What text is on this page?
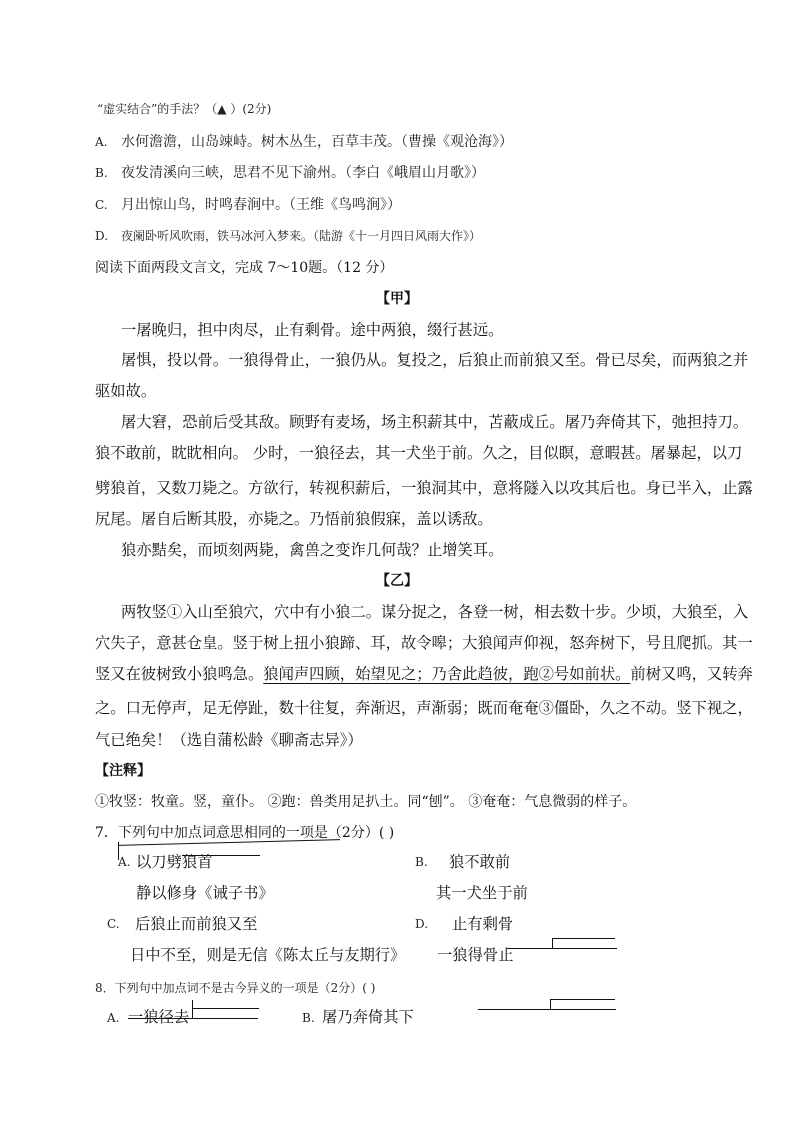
“虚实结合”的手法？（▲ ）(2分)
A. 水何澹澹，山岛竦峙。树木丛生，百草丰茂。（曹操《观沧海》）
B. 夜发清溪向三峡，思君不见下渝州。（李白《峨眉山月歌》）
C. 月出惊山鸟，时鸣春涧中。（王维《鸟鸣涧》）
D. 夜阑卧听风吹雨，铁马冰河入梦来。（陆游《十一月四日风雨大作》）
阅读下面两段文言文，完成 7～10题。（12 分）
【甲】
一屠晚归，担中肉尽，止有剩骨。途中两狼，缀行甚远。
屠惧，投以骨。一狼得骨止，一狼仍从。复投之，后狼止而前狼又至。骨已尽矣，而两狼之并
驱如故。
屠大窘，恐前后受其敌。顾野有麦场，场主积薪其中，苫蔽成丘。屠乃奔倚其下，弛担持刀。
狼不敢前，眈眈相向。 少时，一狼径去，其一犬坐于前。久之，目似瞑，意暇甚。屠暴起，以刀
劈狼首，又数刀毙之。方欲行，转视积薪后，一狼洞其中，意将隧入以攻其后也。身已半入，止露
尻尾。屠自后断其股，亦毙之。乃悟前狼假寐，盖以诱敌。
狼亦黠矣，而顷刻两毙，禽兽之变诈几何哉？止增笑耳。
【乙】
两牧竖①入山至狼穴，穴中有小狼二。谋分捉之，各登一树，相去数十步。少顷，大狼至，入
穴失子，意甚仓皇。竖于树上扭小狼蹄、耳，故令嗥；大狼闻声仰视，怒奔树下，号且爬抓。其一
竖又在彼树致小狼鸣急。狼闻声四顾，始望见之；乃舍此趋彼，跑②号如前状。前树又鸣，又转奔
之。口无停声，足无停趾，数十往复，奔渐迟，声渐弱；既而奄奄③僵卧，久之不动。竖下视之，
气已绝矣！（选自蒲松龄《聊斋志异》）
【注释】
①牧竖：牧童。竖，童仆。 ②跑：兽类用足扒土。同“刨”。 ③奄奄：气息微弱的样子。
7．下列句中加点词意思相同的一项是（2分）( )
A. 以刀劈狼首
静以修身《诫子书》
B. 狼不敢前
其一犬坐于前
C. 后狼止而前狼又至
日中不至，则是无信《陈太丘与友期行》
D. 止有剩骨
一狼得骨止
8．下列句中加点词不是古今异义的一项是（2分）( )
A. 一狼径去	B. 屠乃奔倚其下
